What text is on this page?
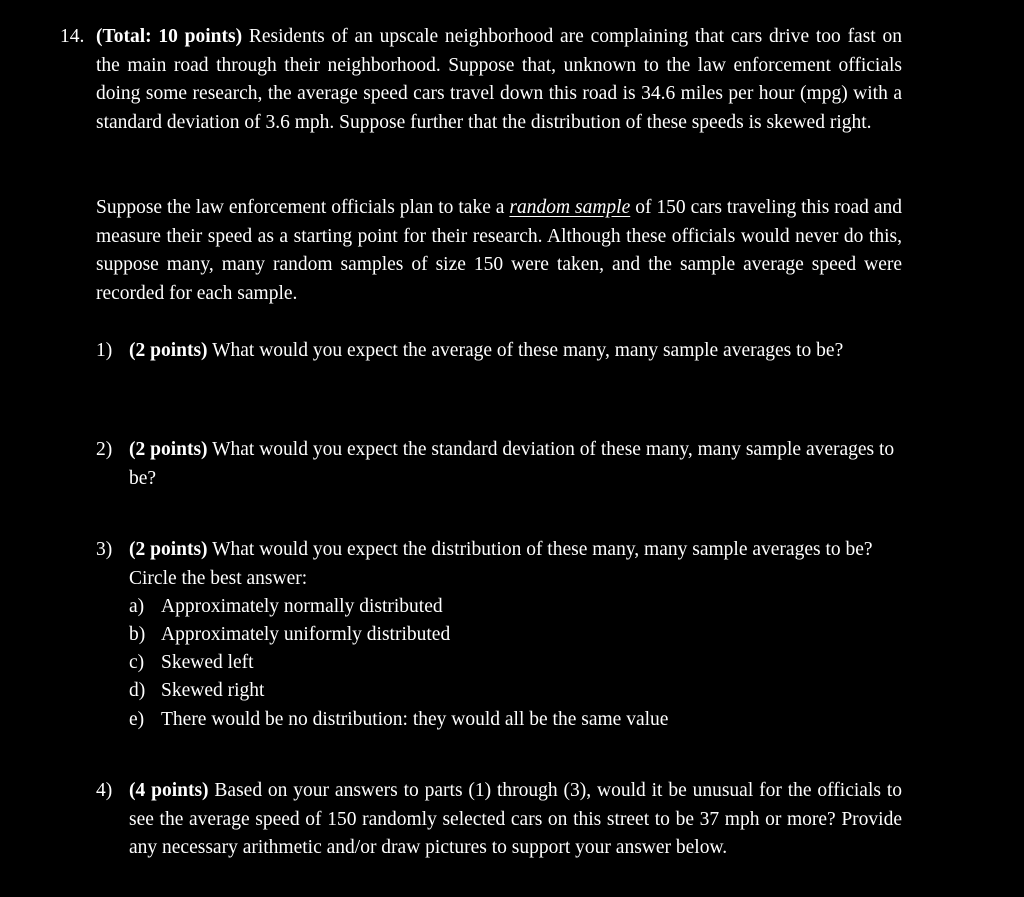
14. (Total: 10 points) Residents of an upscale neighborhood are complaining that cars drive too fast on the main road through their neighborhood. Suppose that, unknown to the law enforcement officials doing some research, the average speed cars travel down this road is 34.6 miles per hour (mpg) with a standard deviation of 3.6 mph. Suppose further that the distribution of these speeds is skewed right.
Suppose the law enforcement officials plan to take a random sample of 150 cars traveling this road and measure their speed as a starting point for their research. Although these officials would never do this, suppose many, many random samples of size 150 were taken, and the sample average speed were recorded for each sample.
1) (2 points) What would you expect the average of these many, many sample averages to be?
2) (2 points) What would you expect the standard deviation of these many, many sample averages to be?
3) (2 points) What would you expect the distribution of these many, many sample averages to be? Circle the best answer:
a) Approximately normally distributed
b) Approximately uniformly distributed
c) Skewed left
d) Skewed right
e) There would be no distribution: they would all be the same value
4) (4 points) Based on your answers to parts (1) through (3), would it be unusual for the officials to see the average speed of 150 randomly selected cars on this street to be 37 mph or more? Provide any necessary arithmetic and/or draw pictures to support your answer below.
